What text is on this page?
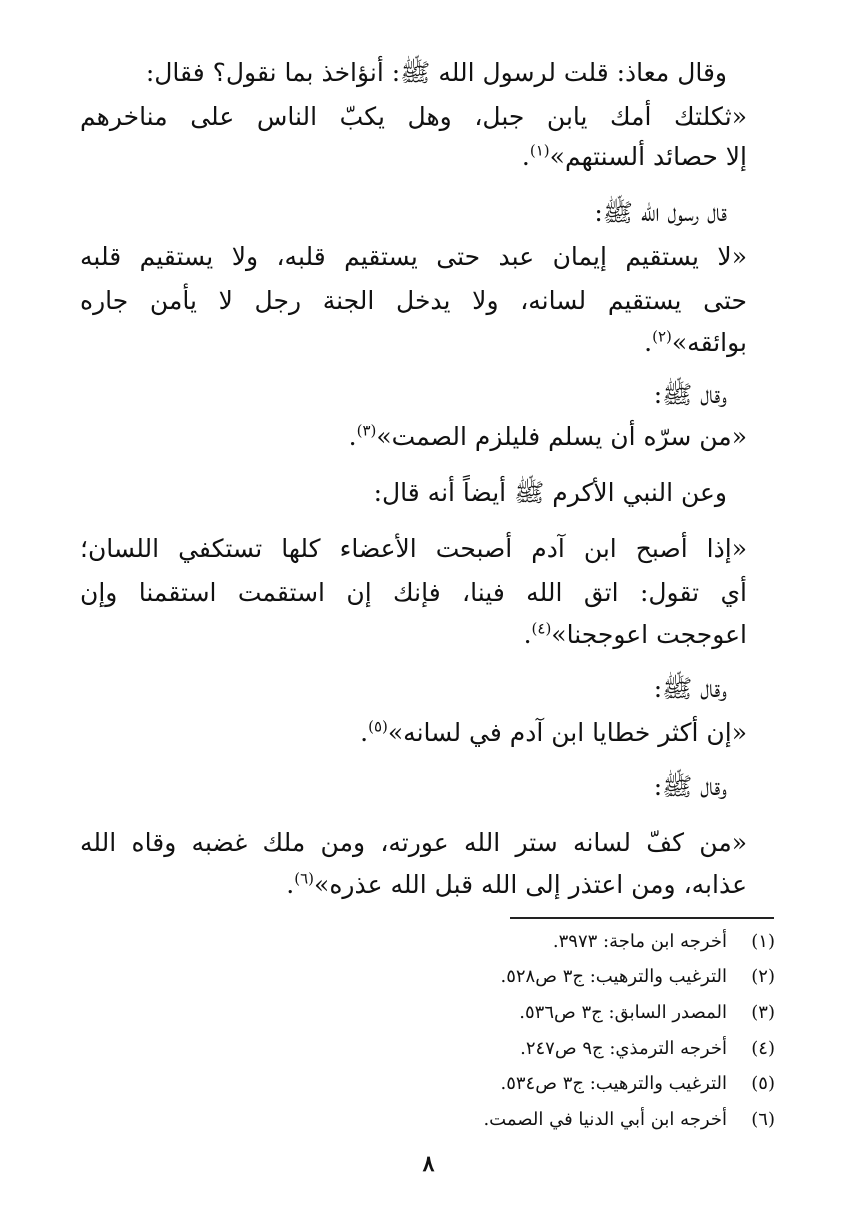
وقال معاذ: قلت لرسول الله ﷺ: أنؤاخذ بما نقول؟ فقال:
«ثكلتك أمك يابن جبل، وهل يكبّ الناس على مناخرهم
إلا حصائد ألسنتهم»$^{(١)}$.
قال رسول الله ﷺ:
«لا يستقيم إيمان عبد حتى يستقيم قلبه، ولا يستقيم قلبه
حتى يستقيم لسانه، ولا يدخل الجنة رجل لا يأمن جاره
بوائقه»$^{(٢)}$.
وقال ﷺ:
«من سرّه أن يسلم فليلزم الصمت»$^{(٣)}$.
وعن النبي الأكرم ﷺ أيضاً أنه قال:
«إذا أصبح ابن آدم أصبحت الأعضاء كلها تستكفي اللسان؛
أي تقول: اتق الله فينا، فإنك إن استقمت استقمنا وإن
اعوججت اعوججنا»$^{(٤)}$.
وقال ﷺ:
«إن أكثر خطايا ابن آدم في لسانه»$^{(٥)}$.
وقال ﷺ:
«من كفّ لسانه ستر الله عورته، ومن ملك غضبه وقاه الله
عذابه، ومن اعتذر إلى الله قبل الله عذره»$^{(٦)}$.
(١)
أخرجه ابن ماجة: ٣٩٧٣.
(٢)
الترغيب والترهيب: ج٣ ص٥٢٨.
(٣)
المصدر السابق: ج٣ ص٥٣٦.
(٤)
أخرجه الترمذي: ج٩ ص٢٤٧.
(٥)
الترغيب والترهيب: ج٣ ص٥٣٤.
(٦)
أخرجه ابن أبي الدنيا في الصمت.
٨
